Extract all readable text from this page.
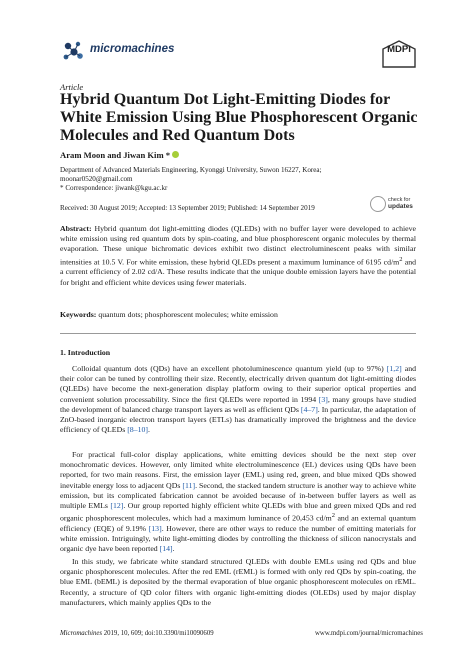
micromachines	MDPI
Article
Hybrid Quantum Dot Light-Emitting Diodes for White Emission Using Blue Phosphorescent Organic Molecules and Red Quantum Dots
Aram Moon and Jiwan Kim *
Department of Advanced Materials Engineering, Kyonggi University, Suwon 16227, Korea;
moonar0520@gmail.com
* Correspondence: jiwank@kgu.ac.kr
Received: 30 August 2019; Accepted: 13 September 2019; Published: 14 September 2019
check for
updates
Abstract: Hybrid quantum dot light-emitting diodes (QLEDs) with no buffer layer were developed to achieve white emission using red quantum dots by spin-coating, and blue phosphorescent organic molecules by thermal evaporation. These unique bichromatic devices exhibit two distinct electroluminescent peaks with similar intensities at 10.5 V. For white emission, these hybrid QLEDs present a maximum luminance of 6195 $cd/m^2$ and a current efficiency of 2.02 cd/A. These results indicate that the unique double emission layers have the potential for bright and efficient white devices using fewer materials.
Keywords: quantum dots; phosphorescent molecules; white emission
1. Introduction
Colloidal quantum dots (QDs) have an excellent photoluminescence quantum yield (up to 97%) [1,2] and their color can be tuned by controlling their size. Recently, electrically driven quantum dot light-emitting diodes (QLEDs) have become the next-generation display platform owing to their superior optical properties and convenient solution processability. Since the first QLEDs were reported in 1994 [3], many groups have studied the development of balanced charge transport layers as well as efficient QDs [4–7]. In particular, the adaptation of ZnO-based inorganic electron transport layers (ETLs) has dramatically improved the brightness and the device efficiency of QLEDs [8–10].
For practical full-color display applications, white emitting devices should be the next step over monochromatic devices. However, only limited white electroluminescence (EL) devices using QDs have been reported, for two main reasons. First, the emission layer (EML) using red, green, and blue mixed QDs showed inevitable energy loss to adjacent QDs [11]. Second, the stacked tandem structure is another way to achieve white emission, but its complicated fabrication cannot be avoided because of in-between buffer layers as well as multiple EMLs [12]. Our group reported highly efficient white QLEDs with blue and green mixed QDs and red organic phosphorescent molecules, which had a maximum luminance of 20,453 $cd/m^2$ and an external quantum efficiency (EQE) of 9.19% [13]. However, there are other ways to reduce the number of emitting materials for white emission. Intriguingly, white light-emitting diodes by controlling the thickness of silicon nanocrystals and organic dye have been reported [14].
In this study, we fabricate white standard structured QLEDs with double EMLs using red QDs and blue organic phosphorescent molecules. After the red EML (rEML) is formed with only red QDs by spin-coating, the blue EML (bEML) is deposited by the thermal evaporation of blue organic phosphorescent molecules on rEML. Recently, a structure of QD color filters with organic light-emitting diodes (OLEDs) used by major display manufacturers, which mainly applies QDs to the
Micromachines 2019, 10, 609; doi:10.3390/mi10090609	www.mdpi.com/journal/micromachines
